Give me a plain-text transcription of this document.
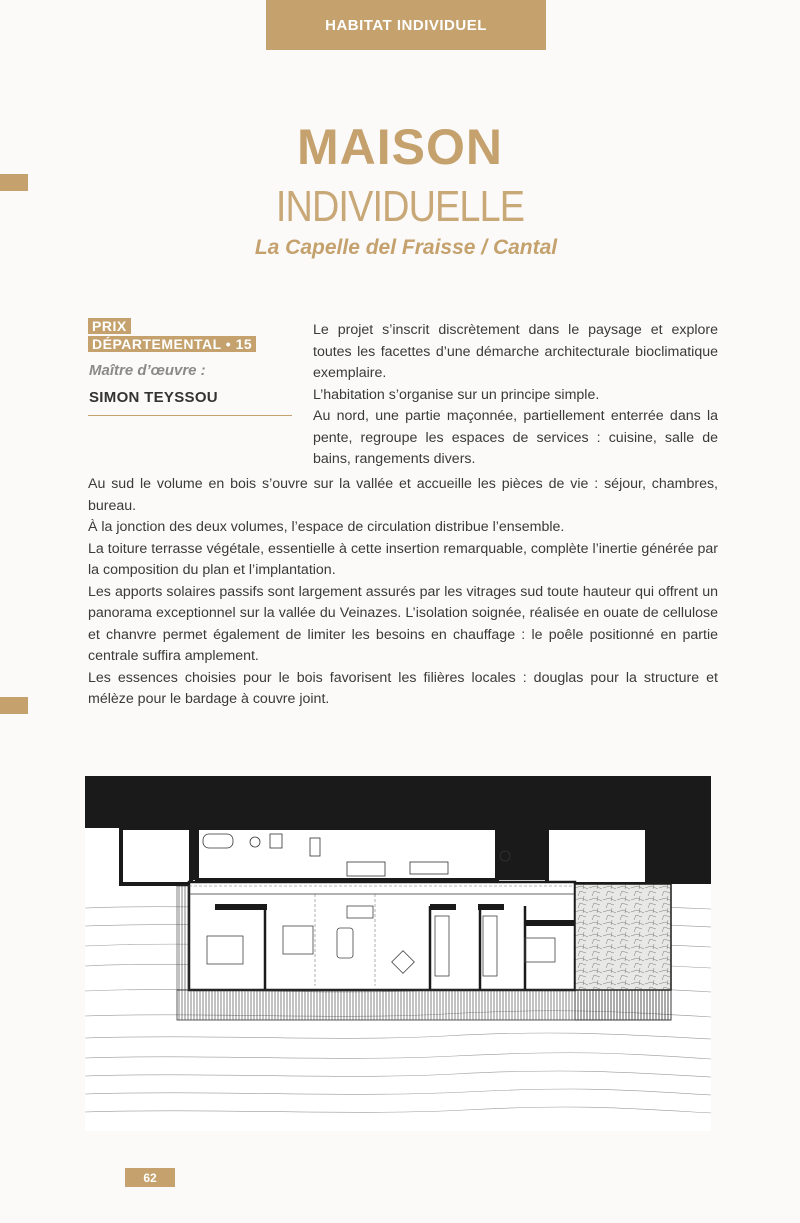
HABITAT INDIVIDUEL
MAISON
INDIVIDUELLE
La Capelle del Fraisse / Cantal
PRIX
DÉPARTEMENTAL • 15
Maître d’œuvre :
SIMON TEYSSOU

Le projet s’inscrit discrètement dans le paysage et explore toutes les facettes d’une démarche architecturale bioclimatique exemplaire.

L’habitation s’organise sur un principe simple.

Au nord, une partie maçonnée, partiellement enterrée dans la pente, regroupe les espaces de services : cuisine, salle de bains, rangements divers.

Au sud le volume en bois s’ouvre sur la vallée et accueille les pièces de vie : séjour, chambres, bureau.

À la jonction des deux volumes, l’espace de circulation distribue l’ensemble.

La toiture terrasse végétale, essentielle à cette insertion remarquable, complète l’inertie générée par la composition du plan et l’implantation.

Les apports solaires passifs sont largement assurés par les vitrages sud toute hauteur qui offrent un panorama exceptionnel sur la vallée du Veinazes. L’isolation soignée, réalisée en ouate de cellulose et chanvre permet également de limiter les besoins en chauffage : le poêle positionné en partie centrale suffira amplement.

Les essences choisies pour le bois favorisent les filières locales : douglas pour la structure et mélèze pour le bardage à couvre joint.

62
